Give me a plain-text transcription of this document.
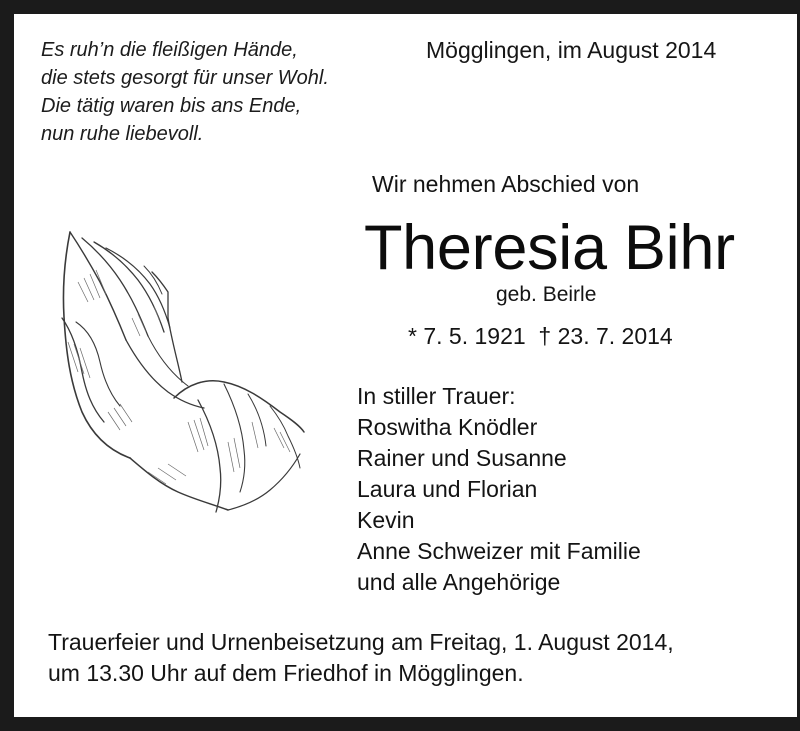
Es ruh’n die fleißigen Hände,
die stets gesorgt für unser Wohl.
Die tätig waren bis ans Ende,
nun ruhe liebevoll.
Mögglingen, im August 2014
Wir nehmen Abschied von
Theresia Bihr
geb. Beirle
* 7. 5. 1921  † 23. 7. 2014
In stiller Trauer:
Roswitha Knödler
Rainer und Susanne
Laura und Florian
Kevin
Anne Schweizer mit Familie
und alle Angehörige
Trauerfeier und Urnenbeisetzung am Freitag, 1. August 2014,
um 13.30 Uhr auf dem Friedhof in Mögglingen.
